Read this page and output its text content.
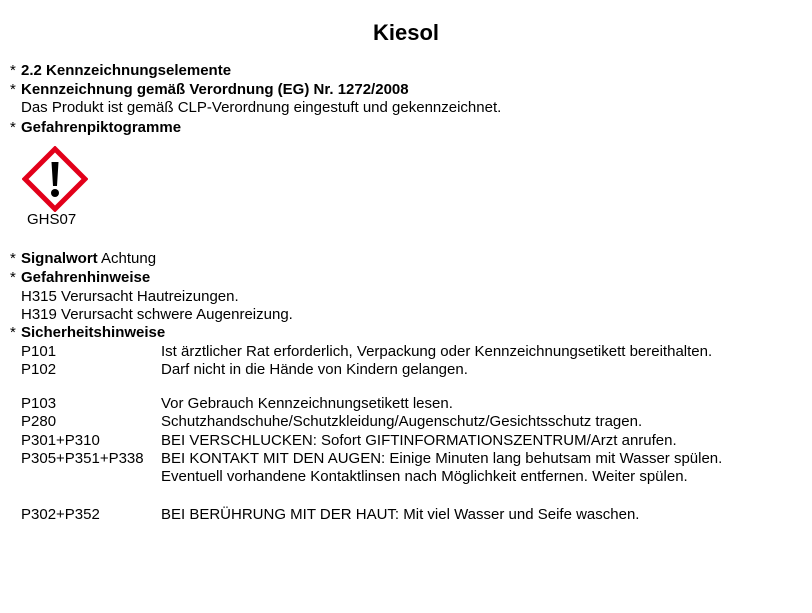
Kiesol
* 2.2 Kennzeichnungselemente
* Kennzeichnung gemäß Verordnung (EG) Nr. 1272/2008
Das Produkt ist gemäß CLP-Verordnung eingestuft und gekennzeichnet.
* Gefahrenpiktogramme
GHS07
* Signalwort Achtung
* Gefahrenhinweise
H315 Verursacht Hautreizungen.
H319 Verursacht schwere Augenreizung.
* Sicherheitshinweise
P101	Ist ärztlicher Rat erforderlich, Verpackung oder Kennzeichnungsetikett bereithalten.
P102	Darf nicht in die Hände von Kindern gelangen.
P103	Vor Gebrauch Kennzeichnungsetikett lesen.
P280	Schutzhandschuhe/Schutzkleidung/Augenschutz/Gesichtsschutz tragen.
P301+P310	BEI VERSCHLUCKEN: Sofort GIFTINFORMATIONSZENTRUM/Arzt anrufen.
P305+P351+P338 BEI KONTAKT MIT DEN AUGEN: Einige Minuten lang behutsam mit Wasser spülen. Eventuell vorhandene Kontaktlinsen nach Möglichkeit entfernen. Weiter spülen.
P302+P352	BEI BERÜHRUNG MIT DER HAUT: Mit viel Wasser und Seife waschen.
